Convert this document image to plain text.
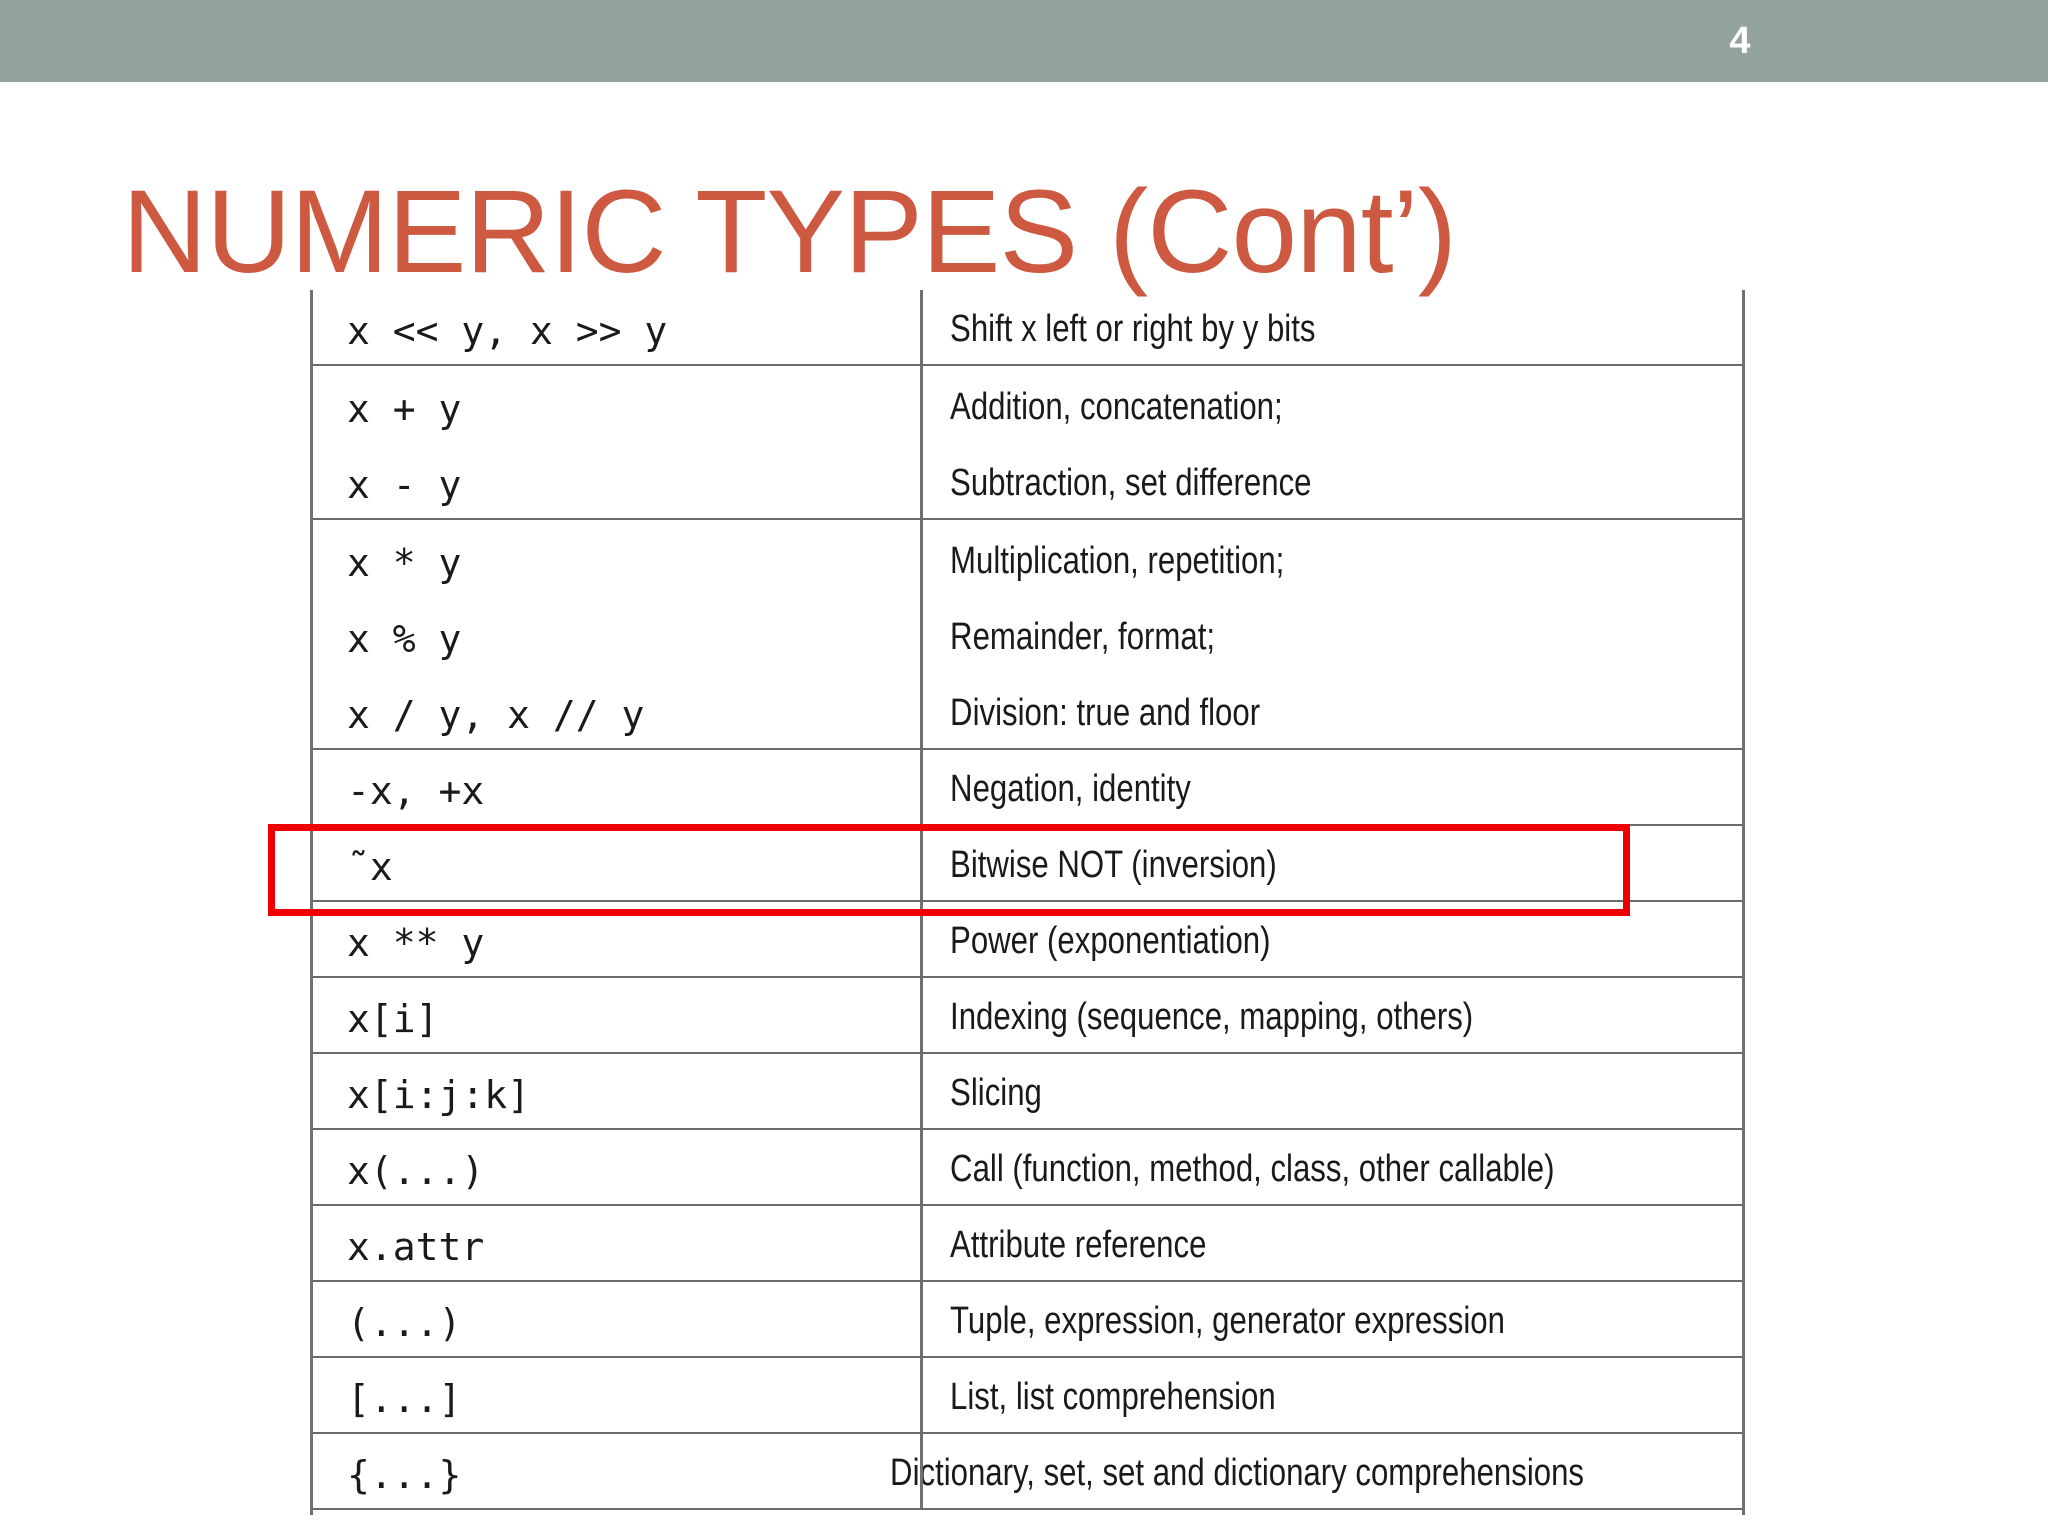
4
NUMERIC TYPES (Cont’)
x << y, x >> y	Shift x left or right by y bits
x + y	Addition, concatenation;
x - y	Subtraction, set difference
x * y	Multiplication, repetition;
x % y	Remainder, format;
x / y, x // y	Division: true and floor
-x, +x	Negation, identity
˜x	Bitwise NOT (inversion)
x ** y	Power (exponentiation)
x[i]	Indexing (sequence, mapping, others)
x[i:j:k]	Slicing
x(...)	Call (function, method, class, other callable)
x.attr	Attribute reference
(...)	Tuple, expression, generator expression
[...]	List, list comprehension
{...}	Dictionary, set, set and dictionary comprehensions
